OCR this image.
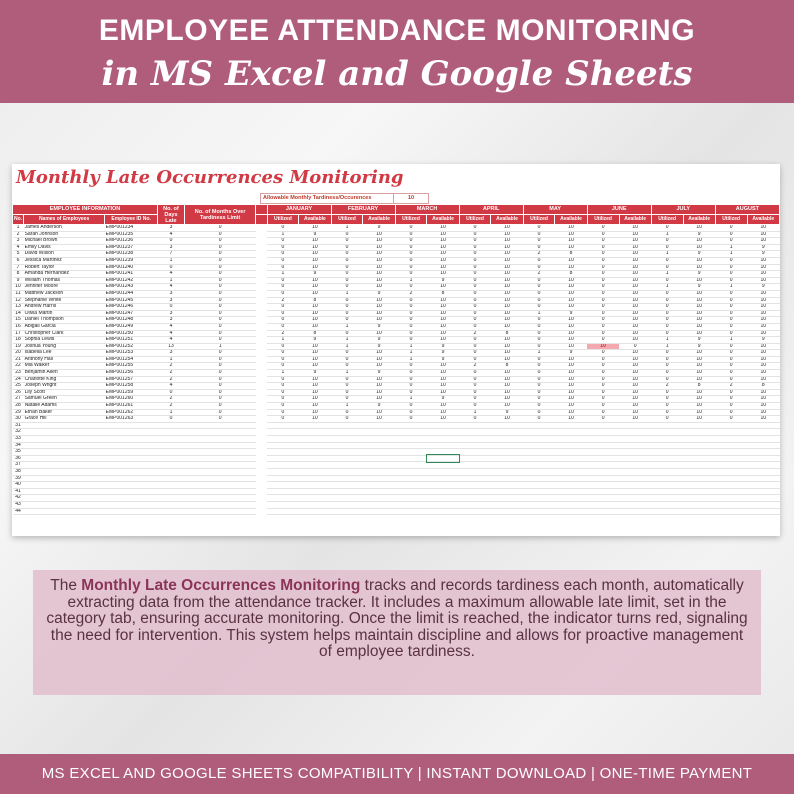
EMPLOYEE ATTENDANCE MONITORING
in MS Excel and Google Sheets
Monthly Late Occurrences Monitoring
Allowable Monthly Tardiness/Occurences	10
EMPLOYEE INFORMATION			No. of Days Late	No. of Months Over Tardiness Limit		JANUARY		FEBRUARY		MARCH		APRIL		MAY		JUNE		JULY		AUGUST	
No.	Names of Employees	Employee ID No.				Utilized	Available	Utilized	Available	Utilized	Available	Utilized	Available	Utilized	Available	Utilized	Available	Utilized	Available	Utilized	Available
1	James Anderson	EMP001234	3	0		0	10	1	9	0	10	0	10	0	10	0	10	0	10	0	10
2	Sarah Johnson	EMP001235	4	0		1	9	0	10	0	10	0	10	0	10	0	10	1	9	0	10
3	Michael Brown	EMP001236	0	0		0	10	0	10	0	10	0	10	0	10	0	10	0	10	0	10
4	Emily Davis	EMP001237	3	0		0	10	0	10	0	10	0	10	0	10	0	10	0	10	1	9
5	David Wilson	EMP001238	7	0		0	10	0	10	0	10	0	10	2	8	0	10	1	9	1	9
6	Jessica Martinez	EMP001239	1	0		0	10	0	10	0	10	0	10	0	10	0	10	0	10	0	10
7	Robert Taylor	EMP001240	0	0		0	10	0	10	0	10	0	10	0	10	0	10	0	10	0	10
8	Amanda Hernandez	EMP001241	4	0		1	9	0	10	0	10	0	10	2	8	0	10	1	9	0	10
9	William Thomas	EMP001242	1	0		0	10	0	10	1	9	0	10	0	10	0	10	0	10	0	10
10	Jennifer Moore	EMP001243	4	0		0	10	0	10	0	10	0	10	0	10	0	10	1	9	1	9
11	Matthew Jackson	EMP001244	3	0		0	10	1	9	2	8	0	10	0	10	0	10	0	10	0	10
12	Stephanie White	EMP001245	3	0		2	8	0	10	0	10	0	10	0	10	0	10	0	10	0	10
13	Andrew Harris	EMP001246	0	0		0	10	0	10	0	10	0	10	0	10	0	10	0	10	0	10
14	Olivia Martin	EMP001247	3	0		0	10	0	10	0	10	0	10	1	9	0	10	0	10	0	10
15	Daniel Thompson	EMP001248	3	0		0	10	0	10	0	10	0	10	0	10	0	10	0	10	0	10
16	Abigail Garcia	EMP001249	4	0		0	10	1	9	0	10	0	10	0	10	0	10	0	10	0	10
17	Christopher Clark	EMP001250	4	0		2	8	0	10	0	10	2	8	0	10	0	10	0	10	0	10
18	Sophia Lewis	EMP001251	4	0		1	9	1	9	0	10	0	10	0	10	0	10	1	9	1	9
19	Joshua Young	EMP001252	13	1		0	10	1	9	1	9	0	10	0	10	10	0	1	9	0	10
20	Isabella Lee	EMP001253	3	0		0	10	0	10	1	9	0	10	1	9	0	10	0	10	0	10
21	Anthony Hall	EMP001254	1	0		0	10	0	10	1	9	0	10	0	10	0	10	0	10	0	10
22	Mia Walker	EMP001255	2	0		0	10	0	10	0	10	2	8	0	10	0	10	0	10	0	10
23	Benjamin Allen	EMP001256	2	0		1	9	1	9	0	10	0	10	0	10	0	10	0	10	0	10
24	Charlotte King	EMP001257	2	0		0	10	0	10	0	10	0	10	0	10	0	10	0	10	0	10
25	Joseph Wright	EMP001258	4	0		0	10	0	10	0	10	0	10	0	10	0	10	2	8	2	8
26	Lily Scott	EMP001259	0	0		0	10	0	10	0	10	0	10	0	10	0	10	0	10	0	10
27	Samuel Green	EMP001260	2	0		0	10	0	10	1	9	0	10	0	10	0	10	0	10	0	10
28	Natalie Adams	EMP001261	2	0		0	10	1	9	0	10	0	10	0	10	0	10	0	10	0	10
29	Ethan Baker	EMP001262	1	0		0	10	0	10	0	10	1	9	0	10	0	10	0	10	0	10
30	Grace Hill	EMP001263	0	0		0	10	0	10	0	10	0	10	0	10	0	10	0	10	0	10
31																					
32																					
33																					
34																					
35																					
36																					
37																					
38																					
39																					
40																					
41																					
42																					
43																					
44																					
The Monthly Late Occurrences Monitoring tracks and records tardiness each month, automatically extracting data from the attendance tracker. It includes a maximum allowable late limit, set in the category tab, ensuring accurate monitoring. Once the limit is reached, the indicator turns red, signaling the need for intervention. This system helps maintain discipline and allows for proactive management of employee tardiness.
MS EXCEL AND GOOGLE SHEETS COMPATIBILITY | INSTANT DOWNLOAD | ONE-TIME PAYMENT
